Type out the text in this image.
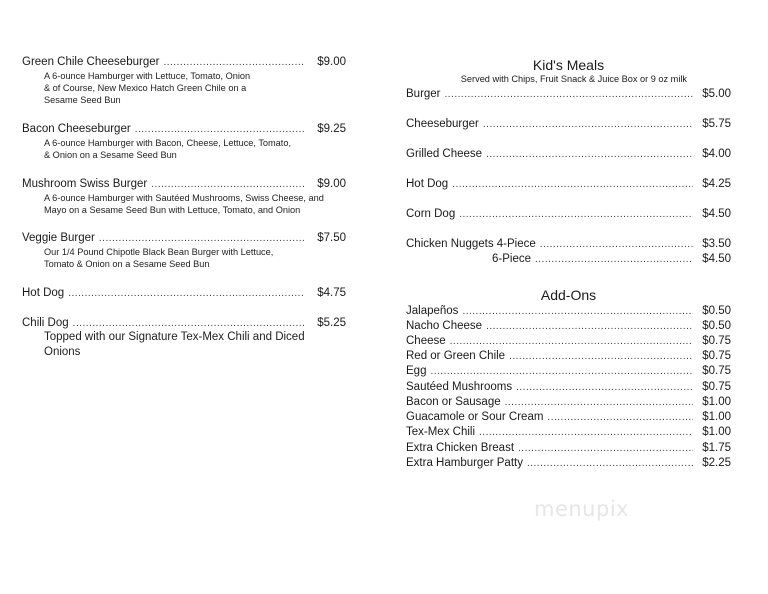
Green Chile Cheeseburger .....	$9.00
A 6-ounce Hamburger with Lettuce, Tomato, Onion
& of Course, New Mexico Hatch Green Chile on a
Sesame Seed Bun
Bacon Cheeseburger .....	$9.25
A 6-ounce Hamburger with Bacon, Cheese, Lettuce, Tomato,
& Onion on a Sesame Seed Bun
Mushroom Swiss Burger .....	$9.00
A 6-ounce Hamburger with Sautéed Mushrooms, Swiss Cheese, and
Mayo on a Sesame Seed Bun with Lettuce, Tomato, and Onion
Veggie Burger .....	$7.50
Our 1/4 Pound Chipotle Black Bean Burger with Lettuce,
Tomato & Onion on a Sesame Seed Bun
Hot Dog .....	$4.75
Chili Dog .....	$5.25
Topped with our Signature Tex-Mex Chili and Diced
Onions
Kid's Meals
Served with Chips, Fruit Snack & Juice Box or 9 oz milk
Burger .....	$5.00
Cheeseburger .....	$5.75
Grilled Cheese .....	$4.00
Hot Dog .....	$4.25
Corn Dog .....	$4.50
Chicken Nuggets 4-Piece .....	$3.50
6-Piece .....	$4.50
Add-Ons
Jalapeños .....	$0.50
Nacho Cheese .....	$0.50
Cheese .....	$0.75
Red or Green Chile .....	$0.75
Egg .....	$0.75
Sautéed Mushrooms .....	$0.75
Bacon or Sausage .....	$1.00
Guacamole or Sour Cream .....	$1.00
Tex-Mex Chili .....	$1.00
Extra Chicken Breast .....	$1.75
Extra Hamburger Patty .....	$2.25
menupix
